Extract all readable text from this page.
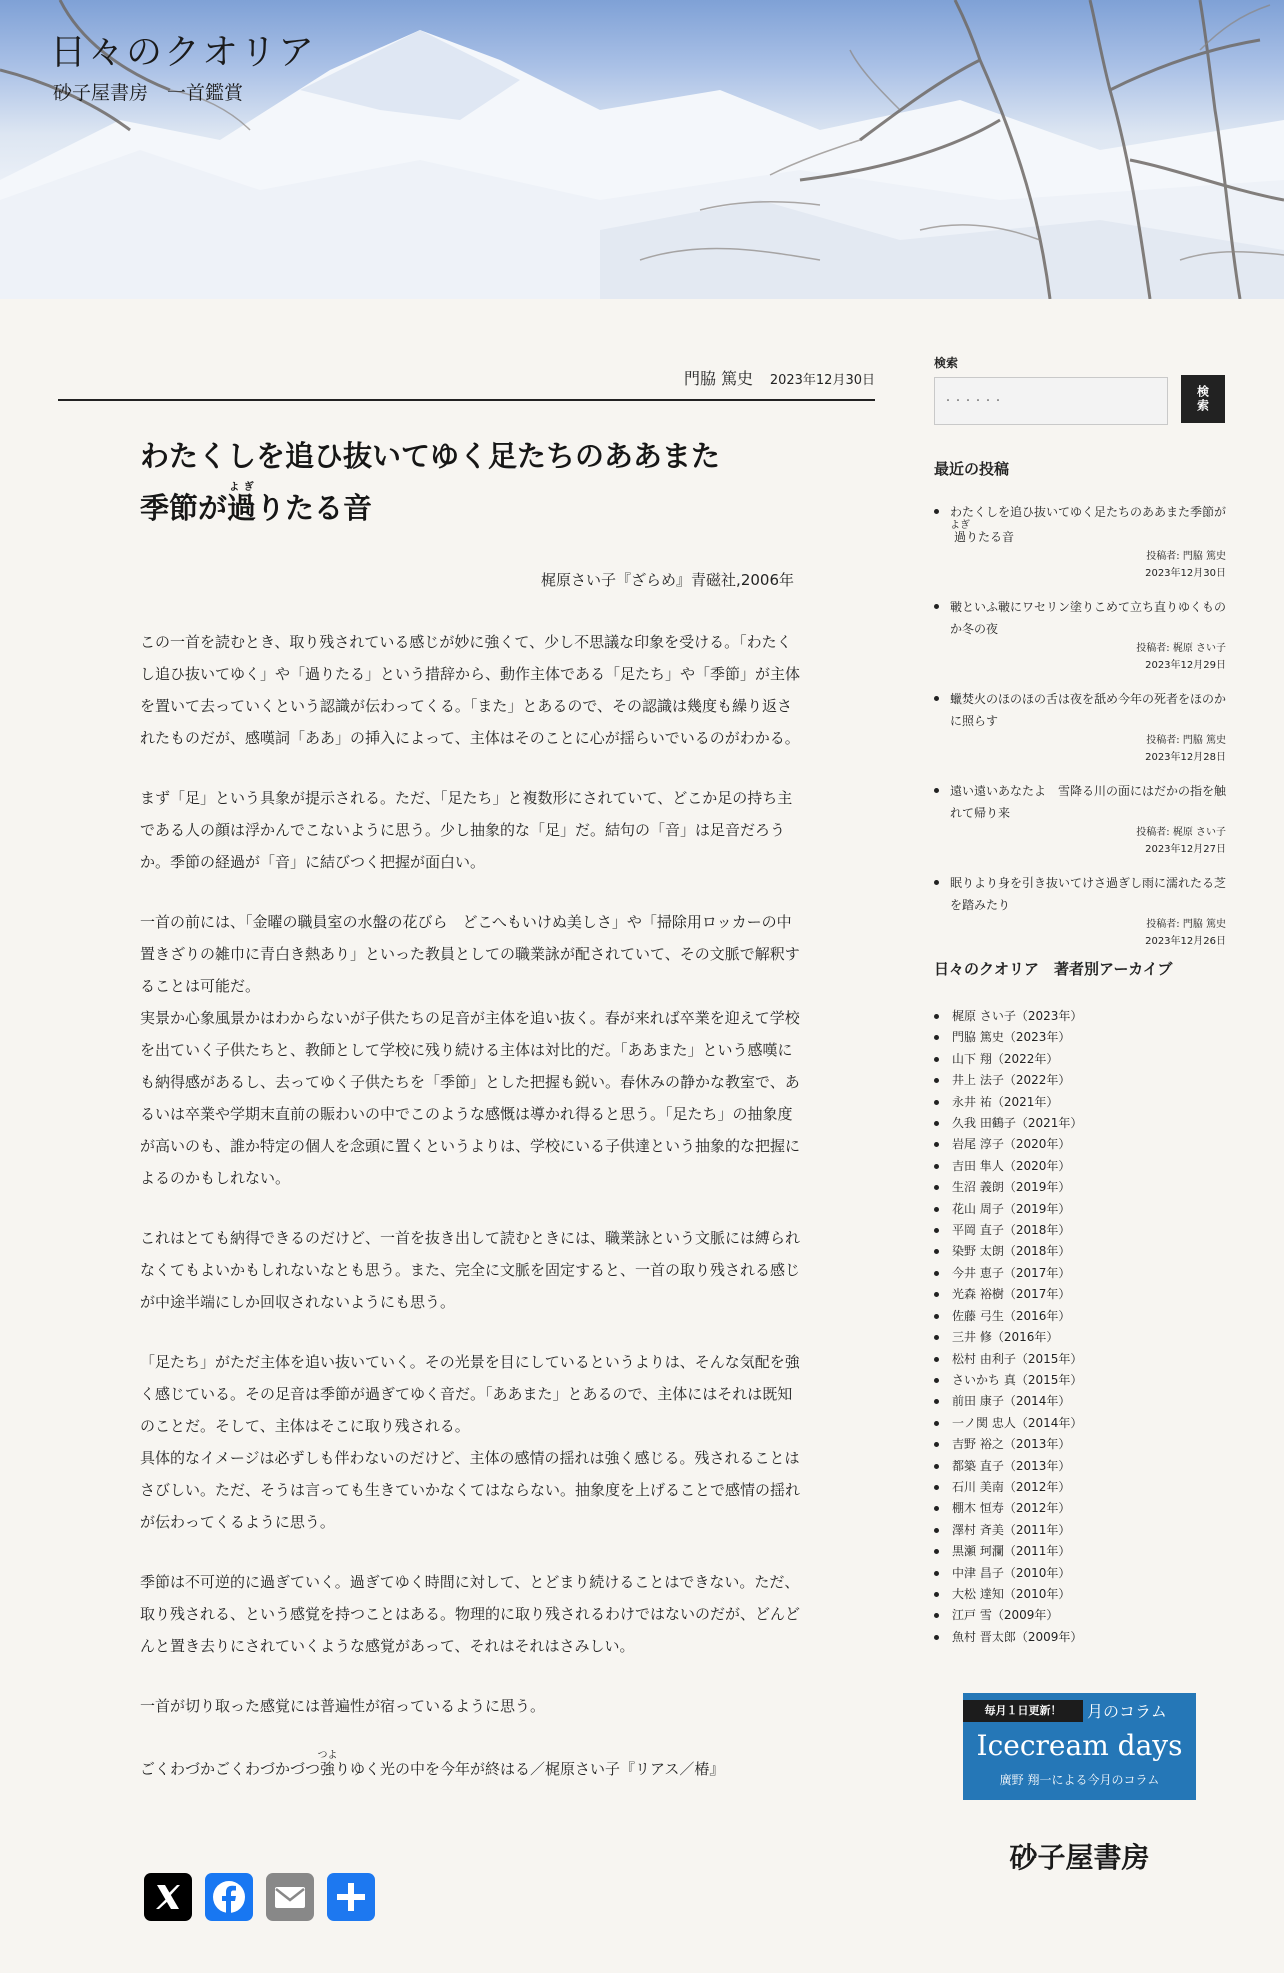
日々のクオリア

砂子屋書房　一首鑑賞

門脇 篤史 2023年12月30日
わたくしを追ひ抜いてゆく足たちのああまた
季節が過よぎりたる音
梶原さい子『ざらめ』青磁社,2006年

この一首を読むとき、取り残されている感じが妙に強くて、少し不思議な印象を受ける。「わたくし追ひ抜いてゆく」や「過りたる」という措辞から、動作主体である「足たち」や「季節」が主体を置いて去っていくという認識が伝わってくる。「また」とあるので、その認識は幾度も繰り返されたものだが、感嘆詞「ああ」の挿入によって、主体はそのことに心が揺らいでいるのがわかる。

まず「足」という具象が提示される。ただ、「足たち」と複数形にされていて、どこか足の持ち主である人の顔は浮かんでこないように思う。少し抽象的な「足」だ。結句の「音」は足音だろうか。季節の経過が「音」に結びつく把握が面白い。

一首の前には、「金曜の職員室の水盤の花びら　どこへもいけぬ美しさ」や「掃除用ロッカーの中置きざりの雑巾に青白き熱あり」といった教員としての職業詠が配されていて、その文脈で解釈することは可能だ。

実景か心象風景かはわからないが子供たちの足音が主体を追い抜く。春が来れば卒業を迎えて学校を出ていく子供たちと、教師として学校に残り続ける主体は対比的だ。「ああまた」という感嘆にも納得感があるし、去ってゆく子供たちを「季節」とした把握も鋭い。春休みの静かな教室で、あるいは卒業や学期末直前の賑わいの中でこのような感慨は導かれ得ると思う。「足たち」の抽象度が高いのも、誰か特定の個人を念頭に置くというよりは、学校にいる子供達という抽象的な把握によるのかもしれない。

これはとても納得できるのだけど、一首を抜き出して読むときには、職業詠という文脈には縛られなくてもよいかもしれないなとも思う。また、完全に文脈を固定すると、一首の取り残される感じが中途半端にしか回収されないようにも思う。

「足たち」がただ主体を追い抜いていく。その光景を目にしているというよりは、そんな気配を強く感じている。その足音は季節が過ぎてゆく音だ。「ああまた」とあるので、主体にはそれは既知のことだ。そして、主体はそこに取り残される。

具体的なイメージは必ずしも伴わないのだけど、主体の感情の揺れは強く感じる。残されることはさびしい。ただ、そうは言っても生きていかなくてはならない。抽象度を上げることで感情の揺れが伝わってくるように思う。

季節は不可逆的に過ぎていく。過ぎてゆく時間に対して、とどまり続けることはできない。ただ、取り残される、という感覚を持つことはある。物理的に取り残されるわけではないのだが、どんどんと置き去りにされていくような感覚があって、それはそれはさみしい。

一首が切り取った感覚には普遍性が宿っているように思う。

ごくわづかごくわづかづつ強つよりゆく光の中を今年が終はる／梶原さい子『リアス／椿』

検索

・・・・・・
検索
最近の投稿
わたくしを追ひ抜いてゆく足たちのああまた季節が過よぎりたる音
投稿者: 門脇 篤史
2023年12月30日
皸といふ皸にワセリン塗りこめて立ち直りゆくものか冬の夜
投稿者: 梶原 さい子
2023年12月29日
蠟焚火のほのほの舌は夜を舐め今年の死者をほのかに照らす
投稿者: 門脇 篤史
2023年12月28日
遠い遠いあなたよ　雪降る川の面にはだかの指を触れて帰り来
投稿者: 梶原 さい子
2023年12月27日
眠りより身を引き抜いてけさ過ぎし雨に濡れたる芝を踏みたり
投稿者: 門脇 篤史
2023年12月26日
日々のクオリア　著者別アーカイブ
梶原 さい子（2023年）
門脇 篤史（2023年）
山下 翔（2022年）
井上 法子（2022年）
永井 祐（2021年）
久我 田鶴子（2021年）
岩尾 淳子（2020年）
吉田 隼人（2020年）
生沼 義朗（2019年）
花山 周子（2019年）
平岡 直子（2018年）
染野 太朗（2018年）
今井 恵子（2017年）
光森 裕樹（2017年）
佐藤 弓生（2016年）
三井 修（2016年）
松村 由利子（2015年）
さいかち 真（2015年）
前田 康子（2014年）
一ノ関 忠人（2014年）
吉野 裕之（2013年）
都築 直子（2013年）
石川 美南（2012年）
棚木 恒寿（2012年）
澤村 斉美（2011年）
黒瀬 珂瀾（2011年）
中津 昌子（2010年）
大松 達知（2010年）
江戸 雪（2009年）
魚村 晋太郎（2009年）
毎月１日更新！	月のコラム
Icecream days
廣野 翔一による今月のコラム
砂子屋書房
